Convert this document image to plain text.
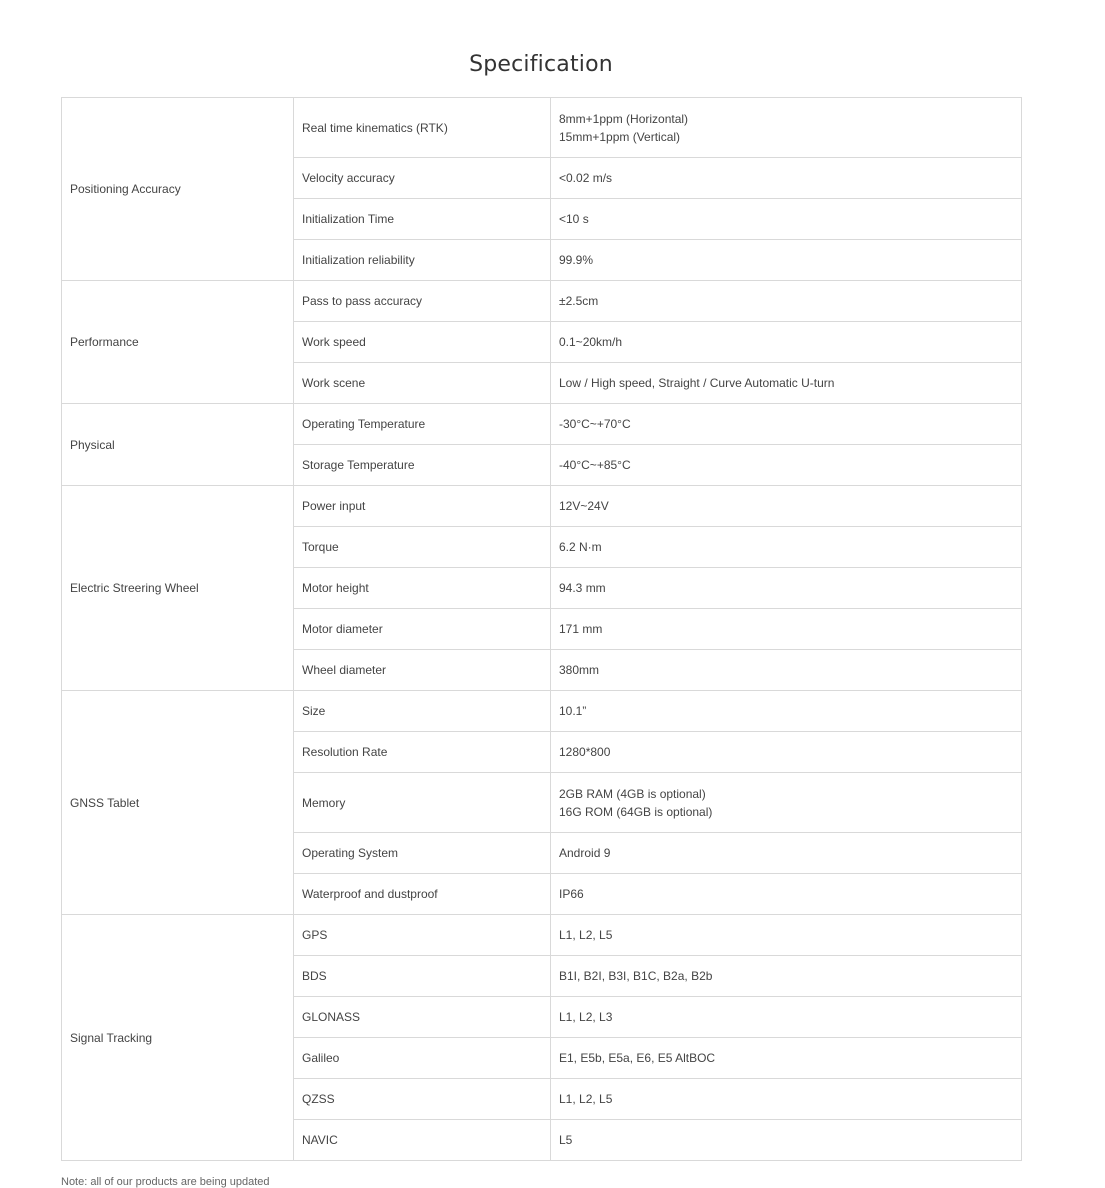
Specification
Positioning Accuracy	Real time kinematics (RTK)	8mm+1ppm (Horizontal)
15mm+1ppm (Vertical)

	Velocity accuracy	<0.02 m/s

	Initialization Time	<10 s

	Initialization reliability	99.9%

Performance	Pass to pass accuracy	±2.5cm

	Work speed	0.1~20km/h

	Work scene	Low / High speed, Straight / Curve Automatic U-turn

Physical	Operating Temperature	-30°C~+70°C

	Storage Temperature	-40°C~+85°C

Electric Streering Wheel	Power input	12V~24V

	Torque	6.2 N·m

	Motor height	94.3 mm

	Motor diameter	171 mm

	Wheel diameter	380mm

GNSS Tablet	Size	10.1”

	Resolution Rate	1280*800

	Memory	2GB RAM (4GB is optional)
16G ROM (64GB is optional)

	Operating System	Android 9

	Waterproof and dustproof	IP66

Signal Tracking	GPS	L1, L2, L5

	BDS	B1I, B2I, B3I, B1C, B2a, B2b

	GLONASS	L1, L2, L3

	Galileo	E1, E5b, E5a, E6, E5 AltBOC

	QZSS	L1, L2, L5

	NAVIC	L5
Note: all of our products are being updated
